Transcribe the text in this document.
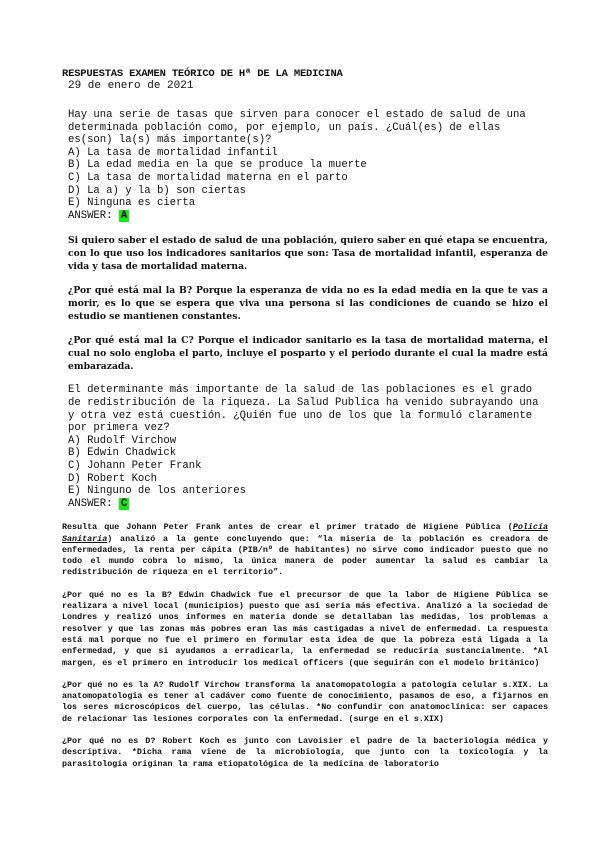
RESPUESTAS EXAMEN TEÓRICO DE Hª DE LA MEDICINA
29 de enero de 2021

Hay una serie de tasas que sirven para conocer el estado de salud de una determinada población como, por ejemplo, un país. ¿Cuál(es) de ellas es(son) la(s) más importante(s)?

A) La tasa de mortalidad infantil
B) La edad media en la que se produce la muerte
C) La tasa de mortalidad materna en el parto
D) La a) y la b) son ciertas
E) Ninguna es cierta
ANSWER: A

Si quiero saber el estado de salud de una población, quiero saber en qué etapa se encuentra, con lo que uso los indicadores sanitarios que son: Tasa de mortalidad infantil, esperanza de vida y tasa de mortalidad materna.

¿Por qué está mal la B? Porque la esperanza de vida no es la edad media en la que te vas a morir, es lo que se espera que viva una persona si las condiciones de cuando se hizo el estudio se mantienen constantes.

¿Por qué está mal la C? Porque el indicador sanitario es la tasa de mortalidad materna, el cual no solo engloba el parto, incluye el posparto y el periodo durante el cual la madre está embarazada.

El determinante más importante de la salud de las poblaciones es el grado de redistribución de la riqueza. La Salud Publica ha venido subrayando una y otra vez está cuestión. ¿Quién fue uno de los que la formuló claramente por primera vez?

A) Rudolf Virchow
B) Edwin Chadwick
C) Johann Peter Frank
D) Robert Koch
E) Ninguno de los anteriores
ANSWER: C

Resulta que Johann Peter Frank antes de crear el primer tratado de Higiene Pública (Policía Sanitaria) analizó a la gente concluyendo que: “la miseria de la población es creadora de enfermedades, la renta per cápita (PIB/nº de habitantes) no sirve como indicador puesto que no todo el mundo cobra lo mismo, la única manera de poder aumentar la salud es cambiar la redistribución de riqueza en el territorio”.

¿Por qué no es la B? Edwin Chadwick fue el precursor de que la labor de Higiene Pública se realizara a nivel local (municipios) puesto que así sería más efectiva. Analizó a la sociedad de Londres y realizó unos informes en materia donde se detallaban las medidas, los problemas a resolver y que las zonas más pobres eran las más castigadas a nivel de enfermedad. La respuesta está mal porque no fue el primero en formular esta idea de que la pobreza está ligada a la enfermedad, y que si ayudamos a erradicarla, la enfermedad se reduciría sustancialmente. *Al margen, es el primero en introducir los medical officers (que seguirán con el modelo británico)

¿Por qué no es la A? Rudolf Virchow transforma la anatomopatología a patología celular s.XIX. La anatomopatología es tener al cadáver como fuente de conocimiento, pasamos de eso, a fijarnos en los seres microscópicos del cuerpo, las células. *No confundir con anatomoclínica: ser capaces de relacionar las lesiones corporales con la enfermedad. (surge en el s.XIX)

¿Por qué no es D? Robert Koch es junto con Lavoisier el padre de la bacteriología médica y descriptiva. *Dicha rama viene de la microbiología, que junto con la toxicología y la parasitología originan la rama etiopatológica de la medicina de laboratorio
